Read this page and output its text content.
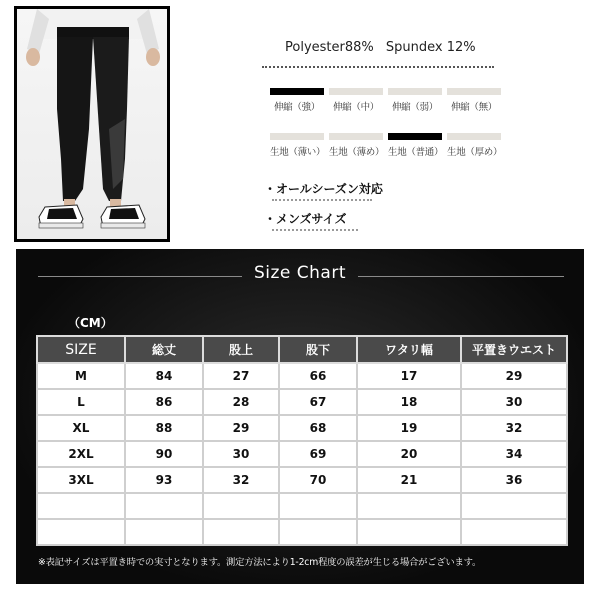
Polyester88% Spundex 12%
伸縮（強）	伸縮（中）	伸縮（弱）	伸縮（無）
生地（薄い） 生地（薄め） 生地（普通） 生地（厚め）
・オールシーズン対応
・メンズサイズ
Size Chart
（CM）
SIZE	総丈	股上	股下	ワタリ幅	平置きウエスト
M	84	27	66	17	29
L	86	28	67	18	30
XL	88	29	68	19	32
2XL	90	30	69	20	34
3XL	93	32	70	21	36

※表記サイズは平置き時での実寸となります。測定方法により1-2cm程度の誤差が生じる場合がございます。
